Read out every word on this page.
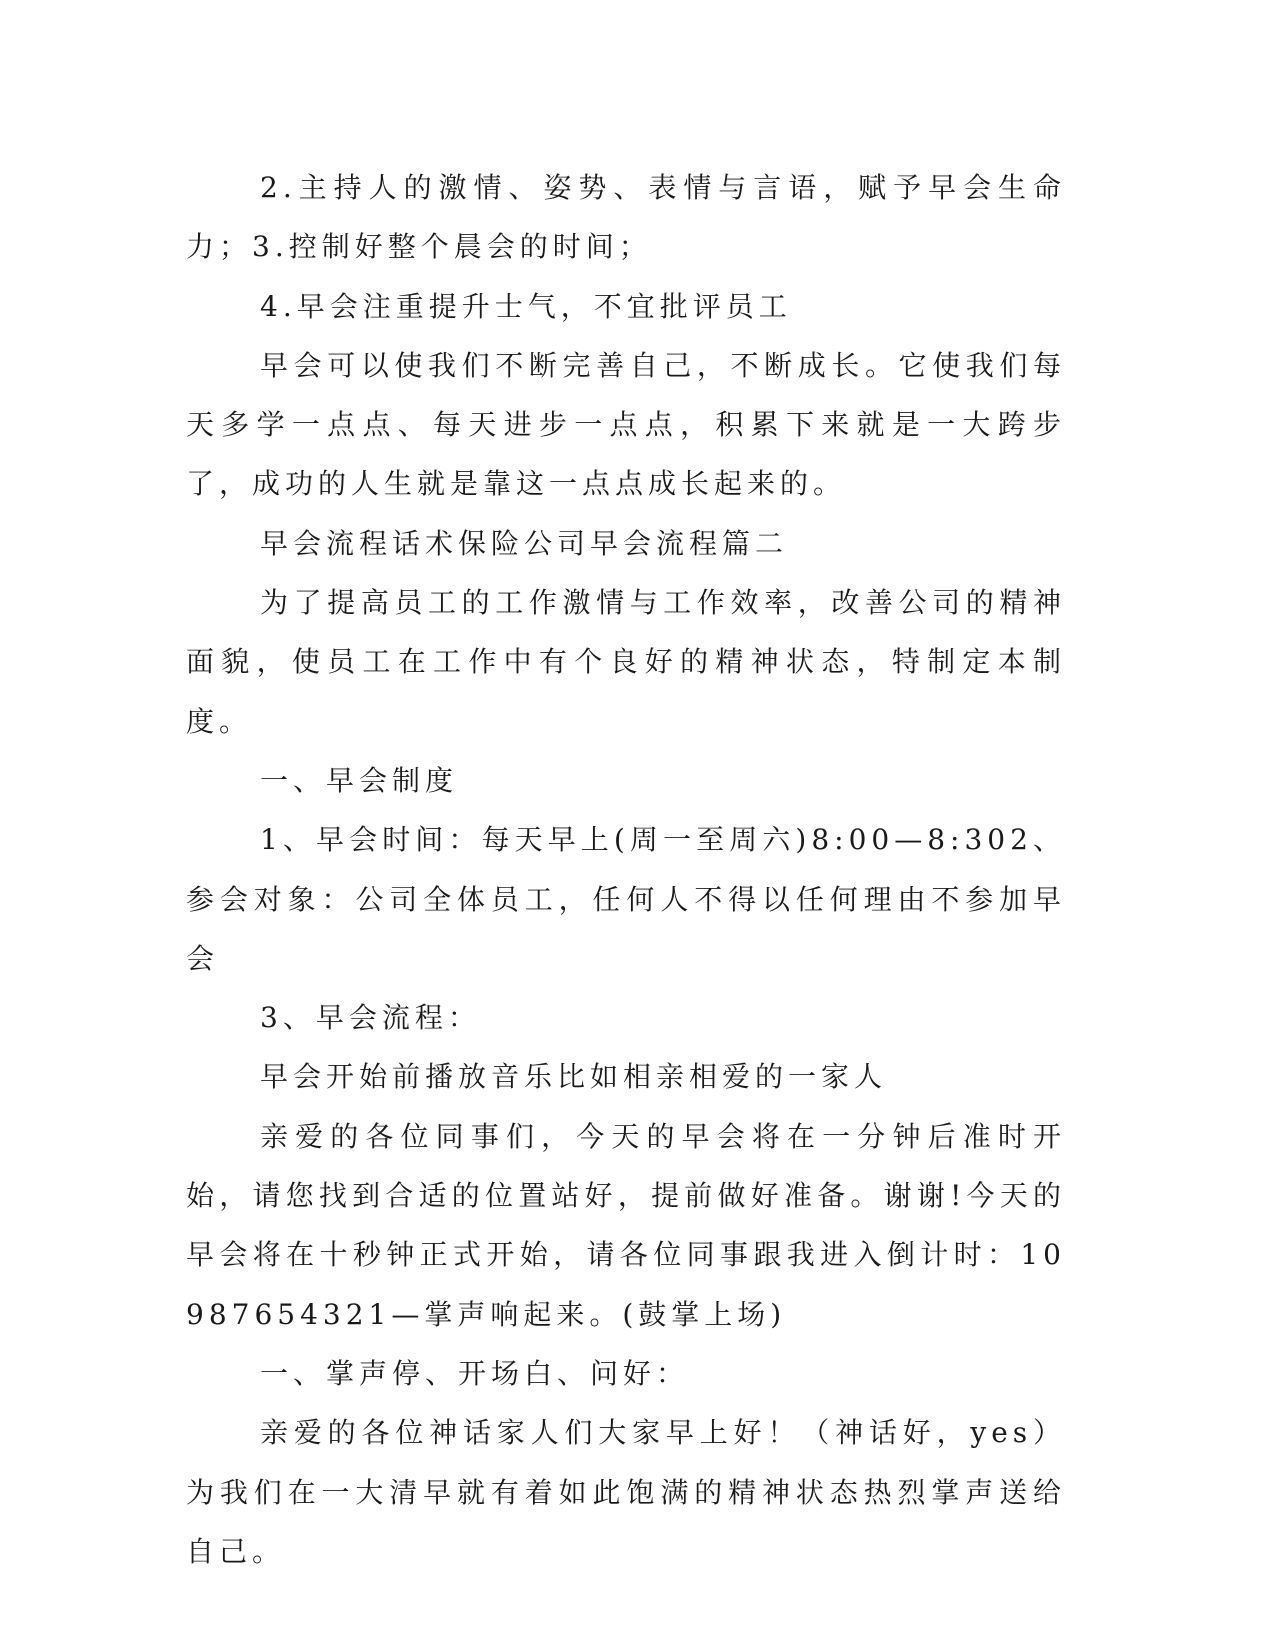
2.主持人的激情、姿势、表情与言语，赋予早会生命力；3.控制好整个晨会的时间；

4.早会注重提升士气，不宜批评员工

早会可以使我们不断完善自己，不断成长。它使我们每天多学一点点、每天进步一点点，积累下来就是一大跨步了，成功的人生就是靠这一点点成长起来的。

早会流程话术保险公司早会流程篇二

为了提高员工的工作激情与工作效率，改善公司的精神面貌，使员工在工作中有个良好的精神状态，特制定本制度。

一、早会制度

1、早会时间：每天早上(周一至周六)8:00—8:302、参会对象：公司全体员工，任何人不得以任何理由不参加早会

3、早会流程：

早会开始前播放音乐比如相亲相爱的一家人

亲爱的各位同事们，今天的早会将在一分钟后准时开始，请您找到合适的位置站好，提前做好准备。谢谢!今天的早会将在十秒钟正式开始，请各位同事跟我进入倒计时：10987654321—掌声响起来。(鼓掌上场)

一、掌声停、开场白、问好：

亲爱的各位神话家人们大家早上好！（神话好，yes）为我们在一大清早就有着如此饱满的精神状态热烈掌声送给自己。
